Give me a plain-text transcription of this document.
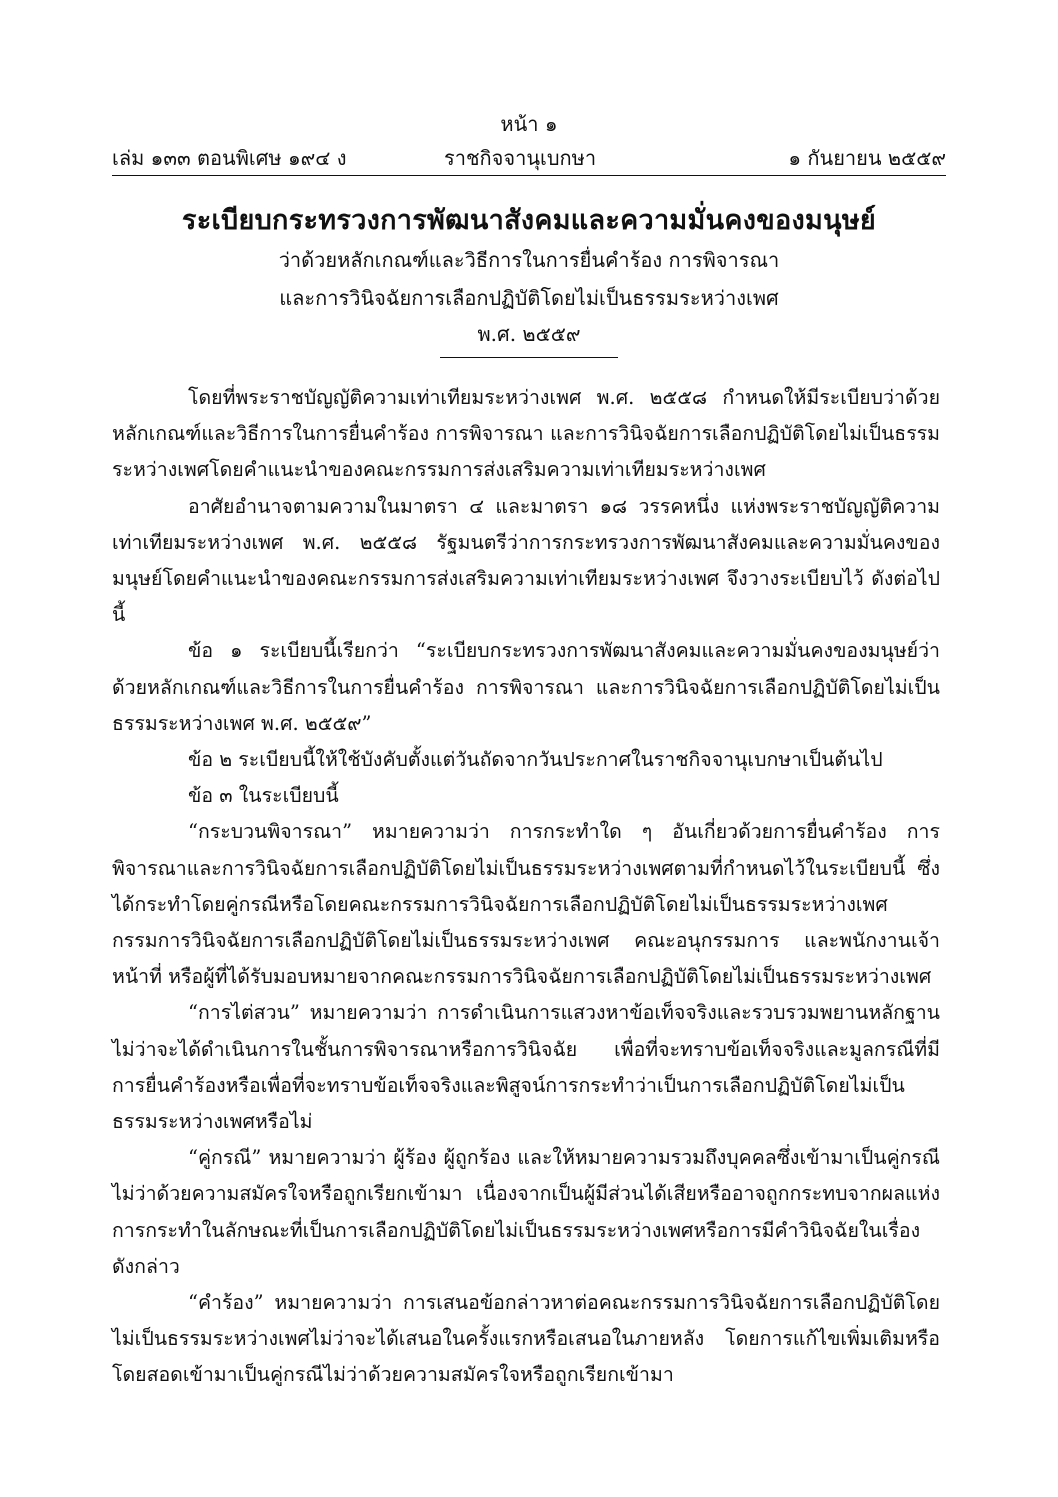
หน้า ๑
เล่ม ๑๓๓ ตอนพิเศษ ๑๙๔ ง	ราชกิจจานุเบกษา	๑ กันยายน ๒๕๕๙
ระเบียบกระทรวงการพัฒนาสังคมและความมั่นคงของมนุษย์
ว่าด้วยหลักเกณฑ์และวิธีการในการยื่นคำร้อง การพิจารณา
และการวินิจฉัยการเลือกปฏิบัติโดยไม่เป็นธรรมระหว่างเพศ
พ.ศ. ๒๕๕๙

โดยที่พระราชบัญญัติความเท่าเทียมระหว่างเพศ พ.ศ. ๒๕๕๘ กำหนดให้มีระเบียบว่าด้วยหลักเกณฑ์และวิธีการในการยื่นคำร้อง การพิจารณา และการวินิจฉัยการเลือกปฏิบัติโดยไม่เป็นธรรมระหว่างเพศโดยคำแนะนำของคณะกรรมการส่งเสริมความเท่าเทียมระหว่างเพศ

อาศัยอำนาจตามความในมาตรา ๔ และมาตรา ๑๘ วรรคหนึ่ง แห่งพระราชบัญญัติความเท่าเทียมระหว่างเพศ พ.ศ. ๒๕๕๘ รัฐมนตรีว่าการกระทรวงการพัฒนาสังคมและความมั่นคงของมนุษย์โดยคำแนะนำของคณะกรรมการส่งเสริมความเท่าเทียมระหว่างเพศ จึงวางระเบียบไว้ ดังต่อไปนี้

ข้อ ๑ ระเบียบนี้เรียกว่า “ระเบียบกระทรวงการพัฒนาสังคมและความมั่นคงของมนุษย์ว่าด้วยหลักเกณฑ์และวิธีการในการยื่นคำร้อง การพิจารณา และการวินิจฉัยการเลือกปฏิบัติโดยไม่เป็นธรรมระหว่างเพศ พ.ศ. ๒๕๕๙”

ข้อ ๒ ระเบียบนี้ให้ใช้บังคับตั้งแต่วันถัดจากวันประกาศในราชกิจจานุเบกษาเป็นต้นไป

ข้อ ๓ ในระเบียบนี้

“กระบวนพิจารณา” หมายความว่า การกระทำใด ๆ อันเกี่ยวด้วยการยื่นคำร้อง การพิจารณาและการวินิจฉัยการเลือกปฏิบัติโดยไม่เป็นธรรมระหว่างเพศตามที่กำหนดไว้ในระเบียบนี้ ซึ่งได้กระทำโดยคู่กรณีหรือโดยคณะกรรมการวินิจฉัยการเลือกปฏิบัติโดยไม่เป็นธรรมระหว่างเพศ กรรมการวินิจฉัยการเลือกปฏิบัติโดยไม่เป็นธรรมระหว่างเพศ คณะอนุกรรมการ และพนักงานเจ้าหน้าที่ หรือผู้ที่ได้รับมอบหมายจากคณะกรรมการวินิจฉัยการเลือกปฏิบัติโดยไม่เป็นธรรมระหว่างเพศ

“การไต่สวน” หมายความว่า การดำเนินการแสวงหาข้อเท็จจริงและรวบรวมพยานหลักฐานไม่ว่าจะได้ดำเนินการในชั้นการพิจารณาหรือการวินิจฉัย เพื่อที่จะทราบข้อเท็จจริงและมูลกรณีที่มีการยื่นคำร้องหรือเพื่อที่จะทราบข้อเท็จจริงและพิสูจน์การกระทำว่าเป็นการเลือกปฏิบัติโดยไม่เป็นธรรมระหว่างเพศหรือไม่

“คู่กรณี” หมายความว่า ผู้ร้อง ผู้ถูกร้อง และให้หมายความรวมถึงบุคคลซึ่งเข้ามาเป็นคู่กรณีไม่ว่าด้วยความสมัครใจหรือถูกเรียกเข้ามา เนื่องจากเป็นผู้มีส่วนได้เสียหรืออาจถูกกระทบจากผลแห่งการกระทำในลักษณะที่เป็นการเลือกปฏิบัติโดยไม่เป็นธรรมระหว่างเพศหรือการมีคำวินิจฉัยในเรื่องดังกล่าว

“คำร้อง” หมายความว่า การเสนอข้อกล่าวหาต่อคณะกรรมการวินิจฉัยการเลือกปฏิบัติโดยไม่เป็นธรรมระหว่างเพศไม่ว่าจะได้เสนอในครั้งแรกหรือเสนอในภายหลัง โดยการแก้ไขเพิ่มเติมหรือโดยสอดเข้ามาเป็นคู่กรณีไม่ว่าด้วยความสมัครใจหรือถูกเรียกเข้ามา
